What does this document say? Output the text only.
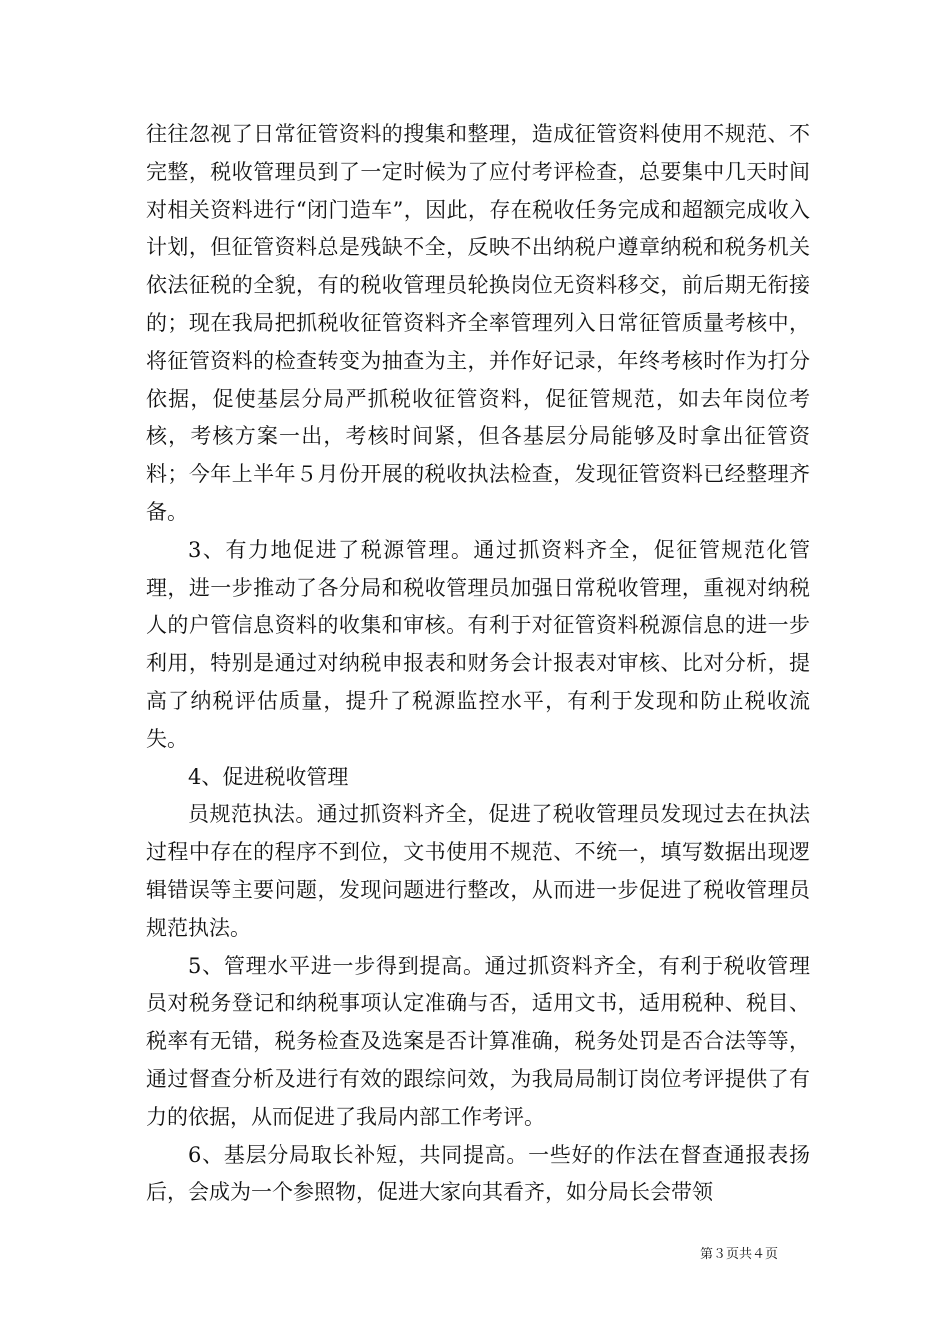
往往忽视了日常征管资料的搜集和整理，造成征管资料使用不规范、不完整，税收管理员到了一定时候为了应付考评检查，总要集中几天时间对相关资料进行“闭门造车”，因此，存在税收任务完成和超额完成收入计划，但征管资料总是残缺不全，反映不出纳税户遵章纳税和税务机关依法征税的全貌，有的税收管理员轮换岗位无资料移交，前后期无衔接的；现在我局把抓税收征管资料齐全率管理列入日常征管质量考核中，将征管资料的检查转变为抽查为主，并作好记录，年终考核时作为打分依据，促使基层分局严抓税收征管资料，促征管规范，如去年岗位考核，考核方案一出，考核时间紧，但各基层分局能够及时拿出征管资料；今年上半年５月份开展的税收执法检查，发现征管资料已经整理齐备。

3、有力地促进了税源管理。通过抓资料齐全，促征管规范化管理，进一步推动了各分局和税收管理员加强日常税收管理，重视对纳税人的户管信息资料的收集和审核。有利于对征管资料税源信息的进一步利用，特别是通过对纳税申报表和财务会计报表对审核、比对分析，提高了纳税评估质量，提升了税源监控水平，有利于发现和防止税收流失。

4、促进税收管理

员规范执法。通过抓资料齐全，促进了税收管理员发现过去在执法过程中存在的程序不到位，文书使用不规范、不统一，填写数据出现逻辑错误等主要问题，发现问题进行整改，从而进一步促进了税收管理员规范执法。

5、管理水平进一步得到提高。通过抓资料齐全，有利于税收管理员对税务登记和纳税事项认定准确与否，适用文书，适用税种、税目、税率有无错，税务检查及选案是否计算准确，税务处罚是否合法等等，通过督查分析及进行有效的跟综问效，为我局局制订岗位考评提供了有力的依据，从而促进了我局内部工作考评。

6、基层分局取长补短，共同提高。一些好的作法在督查通报表扬后，会成为一个参照物，促进大家向其看齐，如分局长会带领

第３页共４页
